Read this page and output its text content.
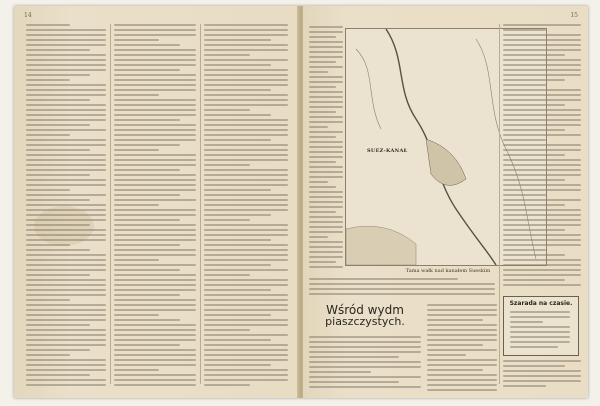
14	15
SUEZ-KANAŁ
Tama wałk nad kanałem Sueskim
Wśród wydm
piaszczystych.
Szarada na czasie.
